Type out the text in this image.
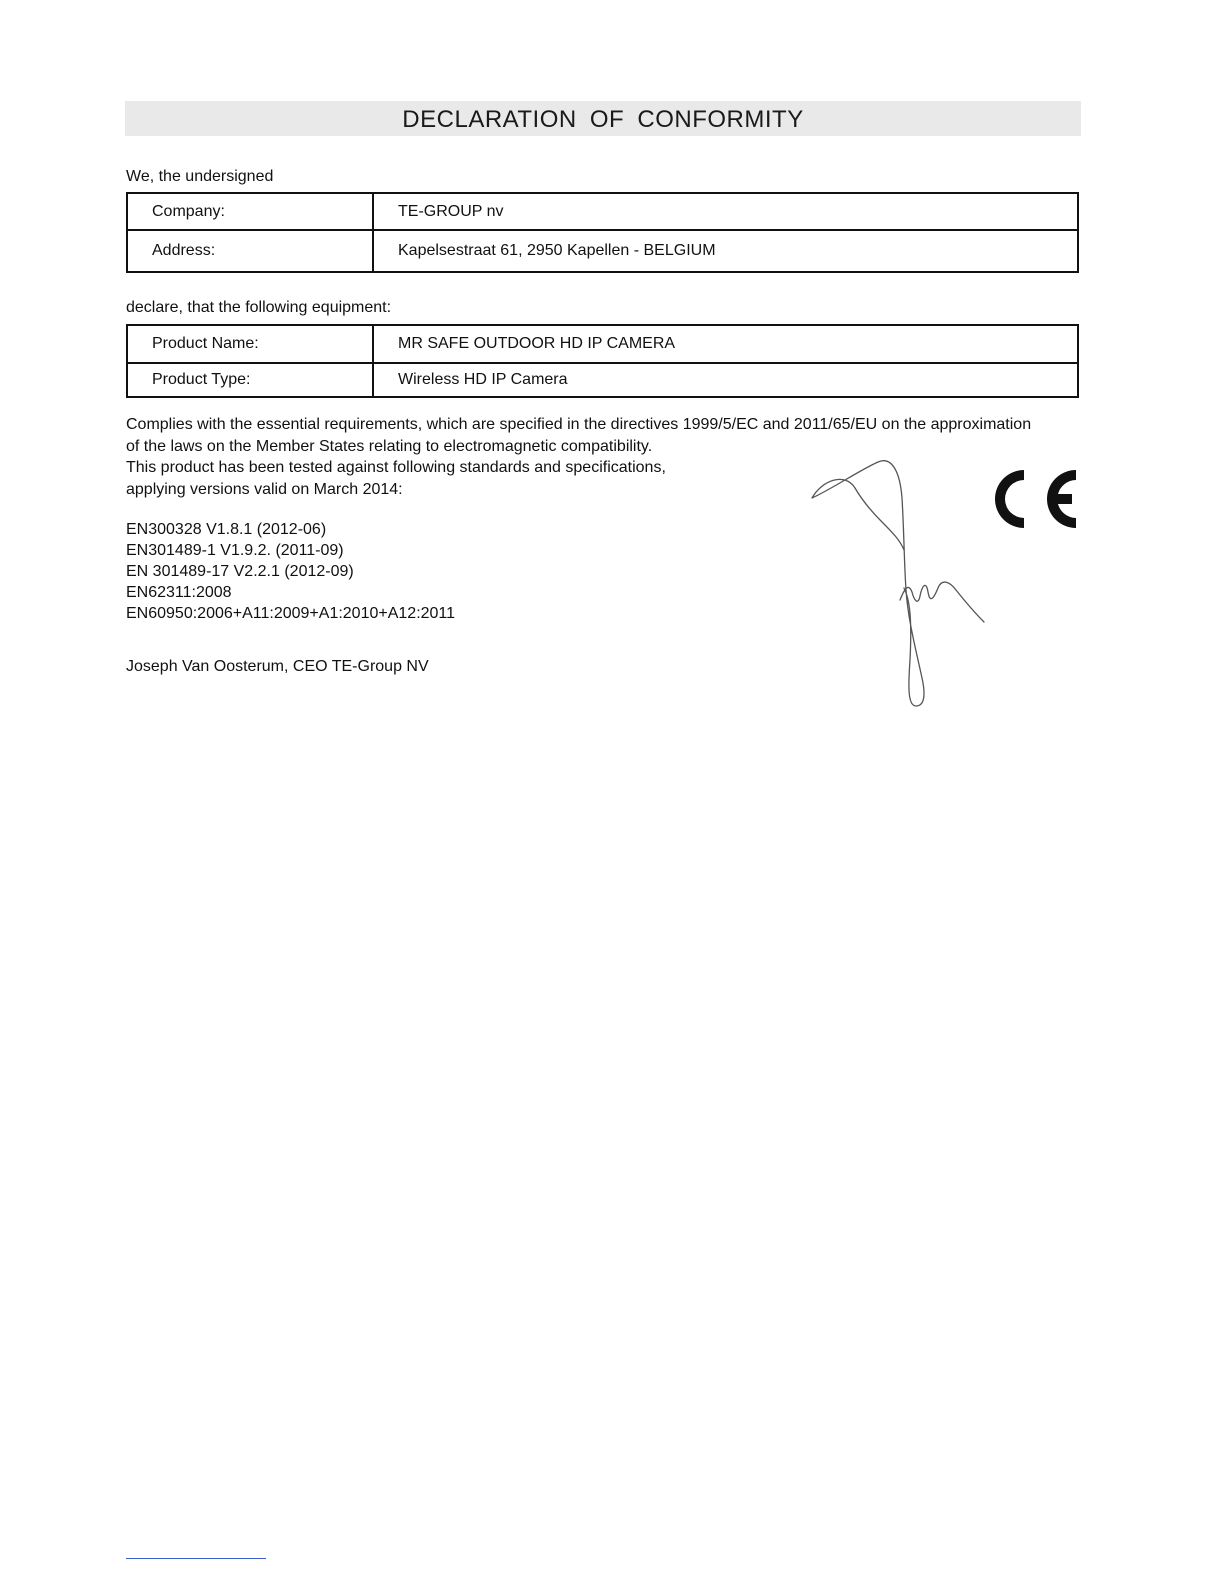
DECLARATION OF CONFORMITY
We, the undersigned
Company:	TE-GROUP nv
Address:	Kapelsestraat 61, 2950 Kapellen - BELGIUM
declare, that the following equipment:
Product Name:	MR SAFE OUTDOOR HD IP CAMERA
Product Type:	Wireless HD IP Camera

Complies with the essential requirements, which are specified in the directives 1999/5/EC and 2011/65/EU on the approximation

of the laws on the Member States relating to electromagnetic compatibility.

This product has been tested against following standards and specifications,

applying versions valid on March 2014:

EN300328 V1.8.1 (2012-06)
EN301489-1 V1.9.2. (2011-09)
EN 301489-17 V2.2.1 (2012-09)
EN62311:2008
EN60950:2006+A11:2009+A1:2010+A12:2011
Joseph Van Oosterum, CEO TE-Group NV
